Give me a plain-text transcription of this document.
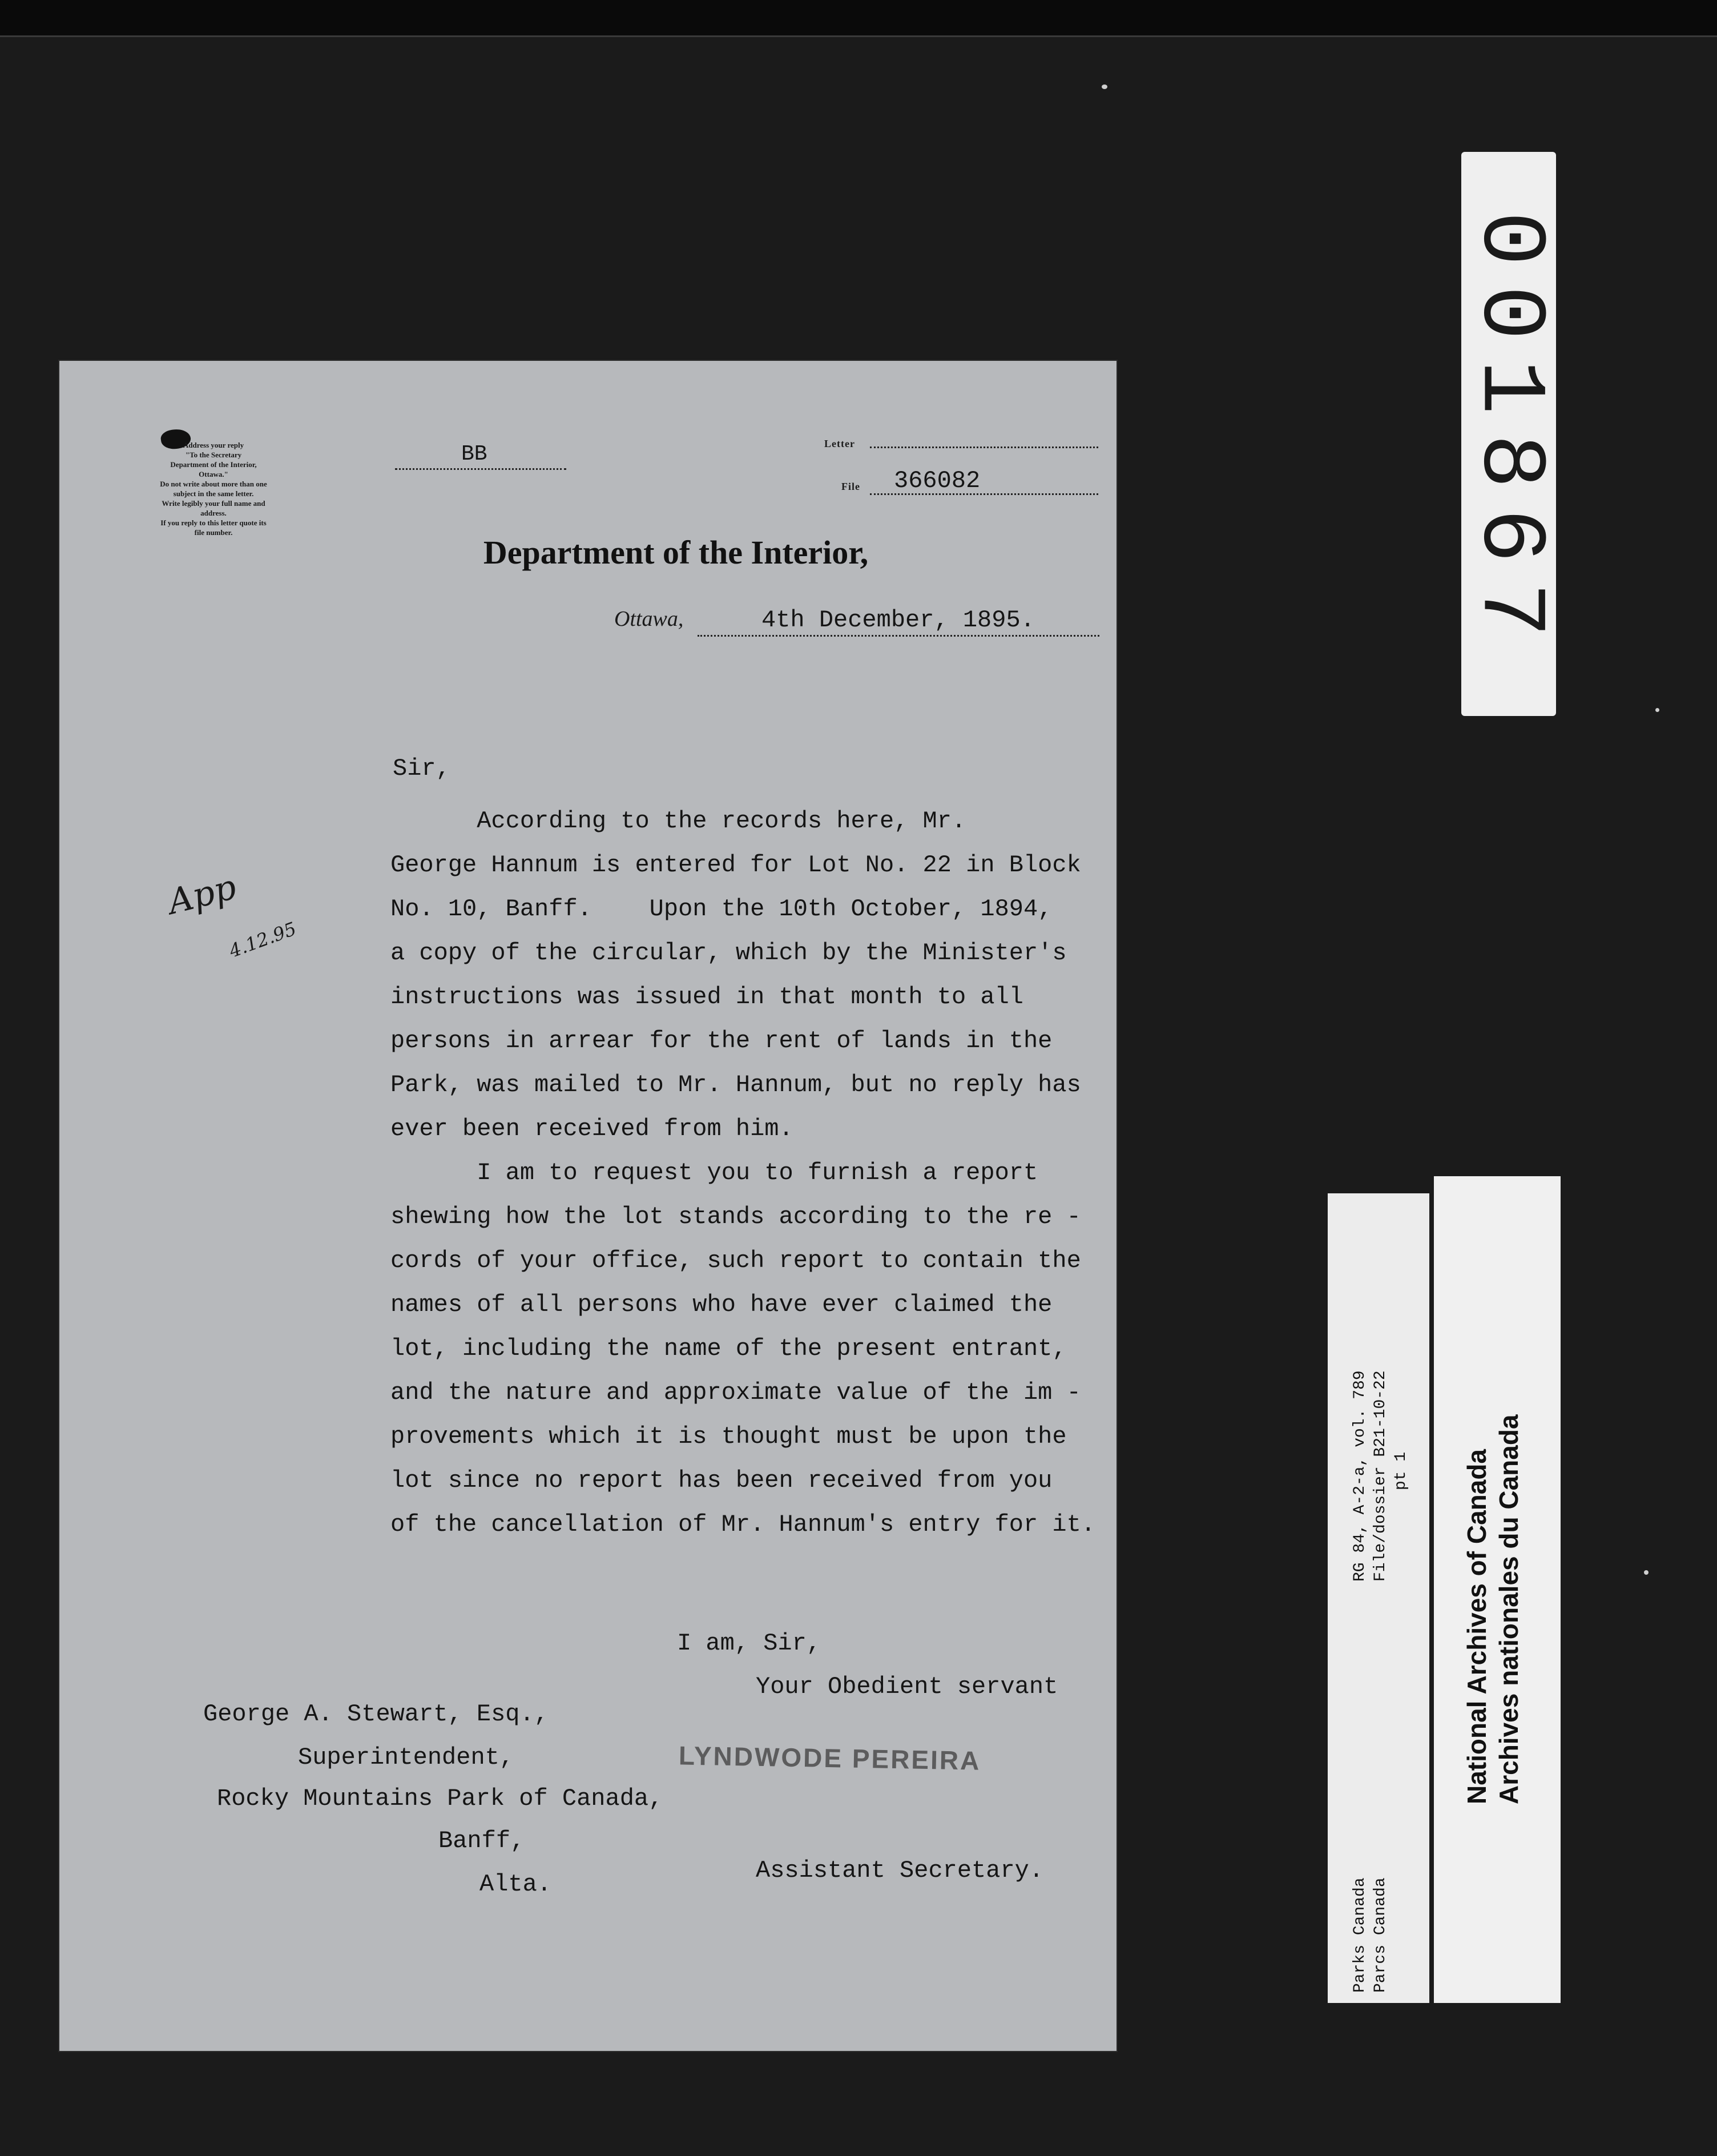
Address your reply
"To the Secretary
Department of the Interior,
Ottawa."
Do not write about more than one
subject in the same letter.
Write legibly your full name and
address.
If you reply to this letter quote its
file number.
BB	Letter
File 366082
Department of the Interior,
Ottawa,	4th December, 1895.
Sir,
According to the records here, Mr.
George Hannum is entered for Lot No. 22 in Block
No. 10, Banff.    Upon the 10th October, 1894,
a copy of the circular, which by the Minister's
instructions was issued in that month to all
persons in arrear for the rent of lands in the
Park, was mailed to Mr. Hannum, but no reply has
ever been received from him.
I am to request you to furnish a report
shewing how the lot stands according to the re -
cords of your office, such report to contain the
names of all persons who have ever claimed the
lot, including the name of the present entrant,
and the nature and approximate value of the im -
provements which it is thought must be upon the
lot since no report has been received from you
of the cancellation of Mr. Hannum's entry for it.
App
4.12.95
I am, Sir,
Your Obedient servant
LYNDWODE PEREIRA
Assistant Secretary.
George A. Stewart, Esq.,
Superintendent,
Rocky Mountains Park of Canada,
Banff,
Alta.
001867
RG 84, A-2-a, vol. 789 File/dossier B21-10-22 pt 1
Parks Canada Parcs Canada
National Archives of Canada Archives nationales du Canada
